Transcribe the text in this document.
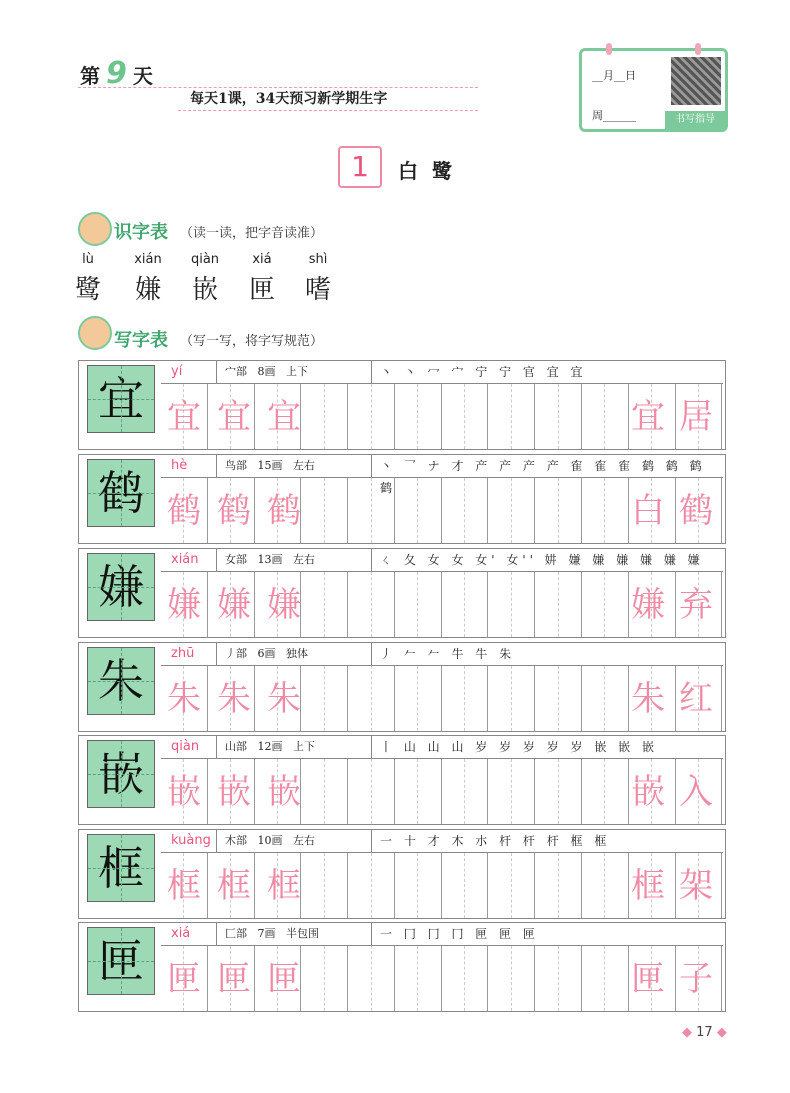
第 9 天
每天1课，34天预习新学期生字
__月__日
周______	书写指导
1	白鹭
识字表 （读一读，把字音读准）
lù
鹭
xián
嫌
qiàn
嵌
xiá
匣
shì
嗜
写字表 （写一写，将字写规范）
宜
yí	宀部 8画 上下	丶 丶 冖 宀 宁 宁 官 宜 宜
宜 宜 宜	宜 居
鹤
hè	鸟部 15画 左右	丶 乛 ナ 才 产 产 产 产 隺 隺 隺 鹤 鹤 鹤 鹤
鹤 鹤 鹤	白 鹤
嫌
xián	女部 13画 左右	ㄑ 夂 女 女 女' 女'' 妌 嫌 嫌 嫌 嫌 嫌 嫌
嫌 嫌 嫌	嫌 弃
朱
zhū	丿部 6画 独体	丿 𠂉 𠂉 牛 牛 朱
朱 朱 朱	朱 红
嵌
qiàn	山部 12画 上下	丨 山 山 山 岁 岁 岁 岁 岁 嵌 嵌 嵌
嵌 嵌 嵌	嵌 入
框
kuàng	木部 10画 左右	一 十 才 木 朩 杆 杆 杆 框 框
框 框 框	框 架
匣
xiá	匚部 7画 半包围	一 冂 冂 冂 匣 匣 匣
匣 匣 匣	匣 子
◆ 17 ◆
